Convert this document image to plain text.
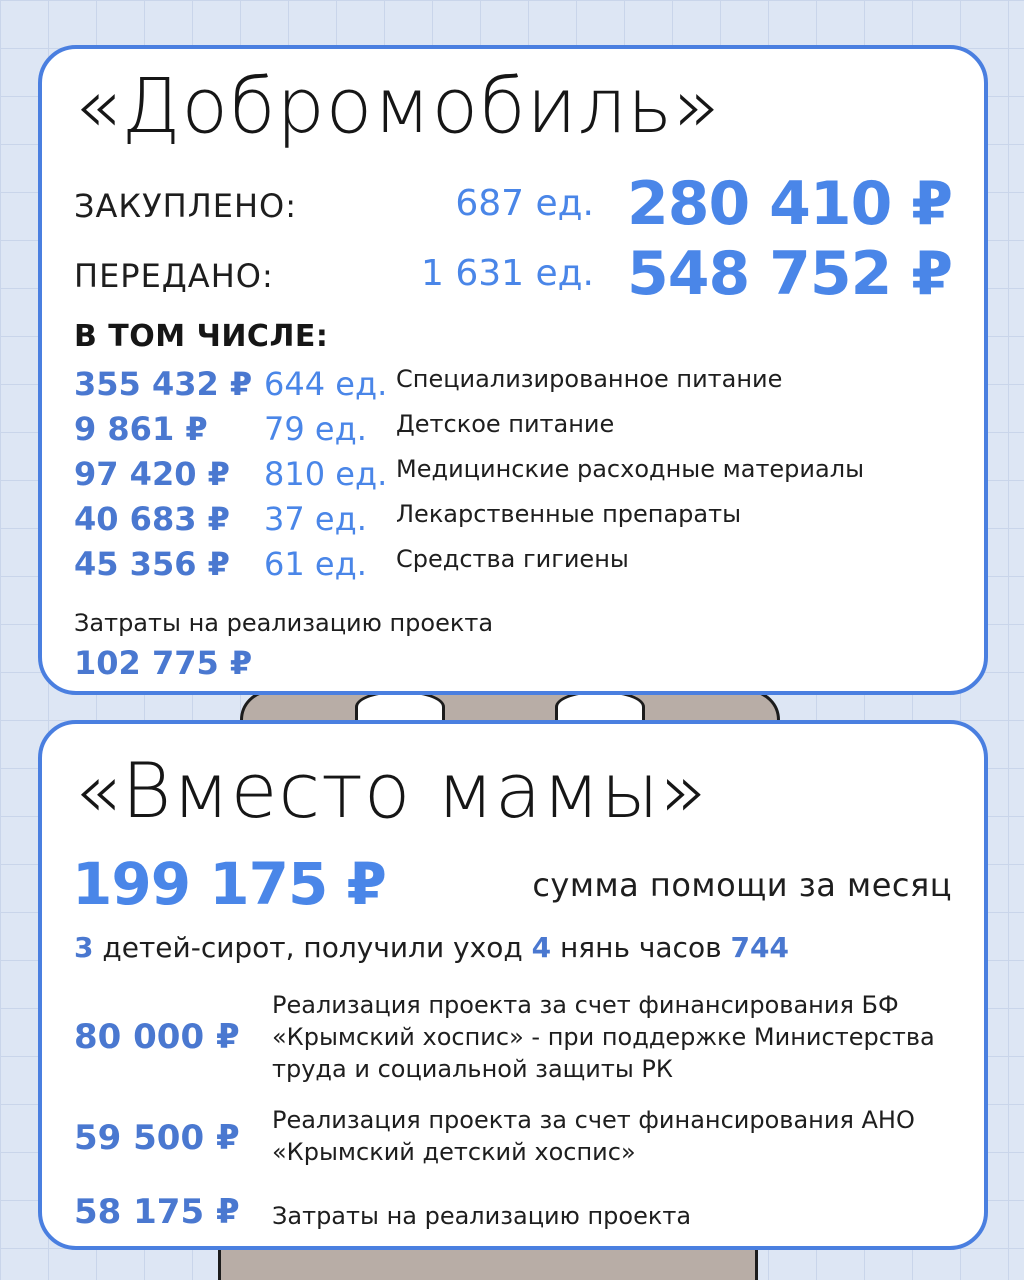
«Добромобиль»
ЗАКУПЛЕНО:	687 ед. 280 410 ₽
ПЕРЕДАНО:	1 631 ед. 548 752 ₽
В ТОМ ЧИСЛЕ:
355 432 ₽ 644 ед. Специализированное питание
9 861 ₽ 79 ед. Детское питание
97 420 ₽ 810 ед. Медицинские расходные материалы
40 683 ₽ 37 ед. Лекарственные препараты
45 356 ₽ 61 ед. Средства гигиены
Затраты на реализацию проекта
102 775 ₽
«Вместо мамы»
199 175 ₽	сумма помощи за месяц
3 детей-сирот, получили уход 4 нянь часов 744
80 000 ₽
Реализация проекта за счет финансирования БФ «Крымский хоспис» - при поддержке Министерства труда и социальной защиты РК
59 500 ₽ Реализация проекта за счет финансирования АНО «Крымский детский хоспис»
58 175 ₽ Затраты на реализацию проекта
